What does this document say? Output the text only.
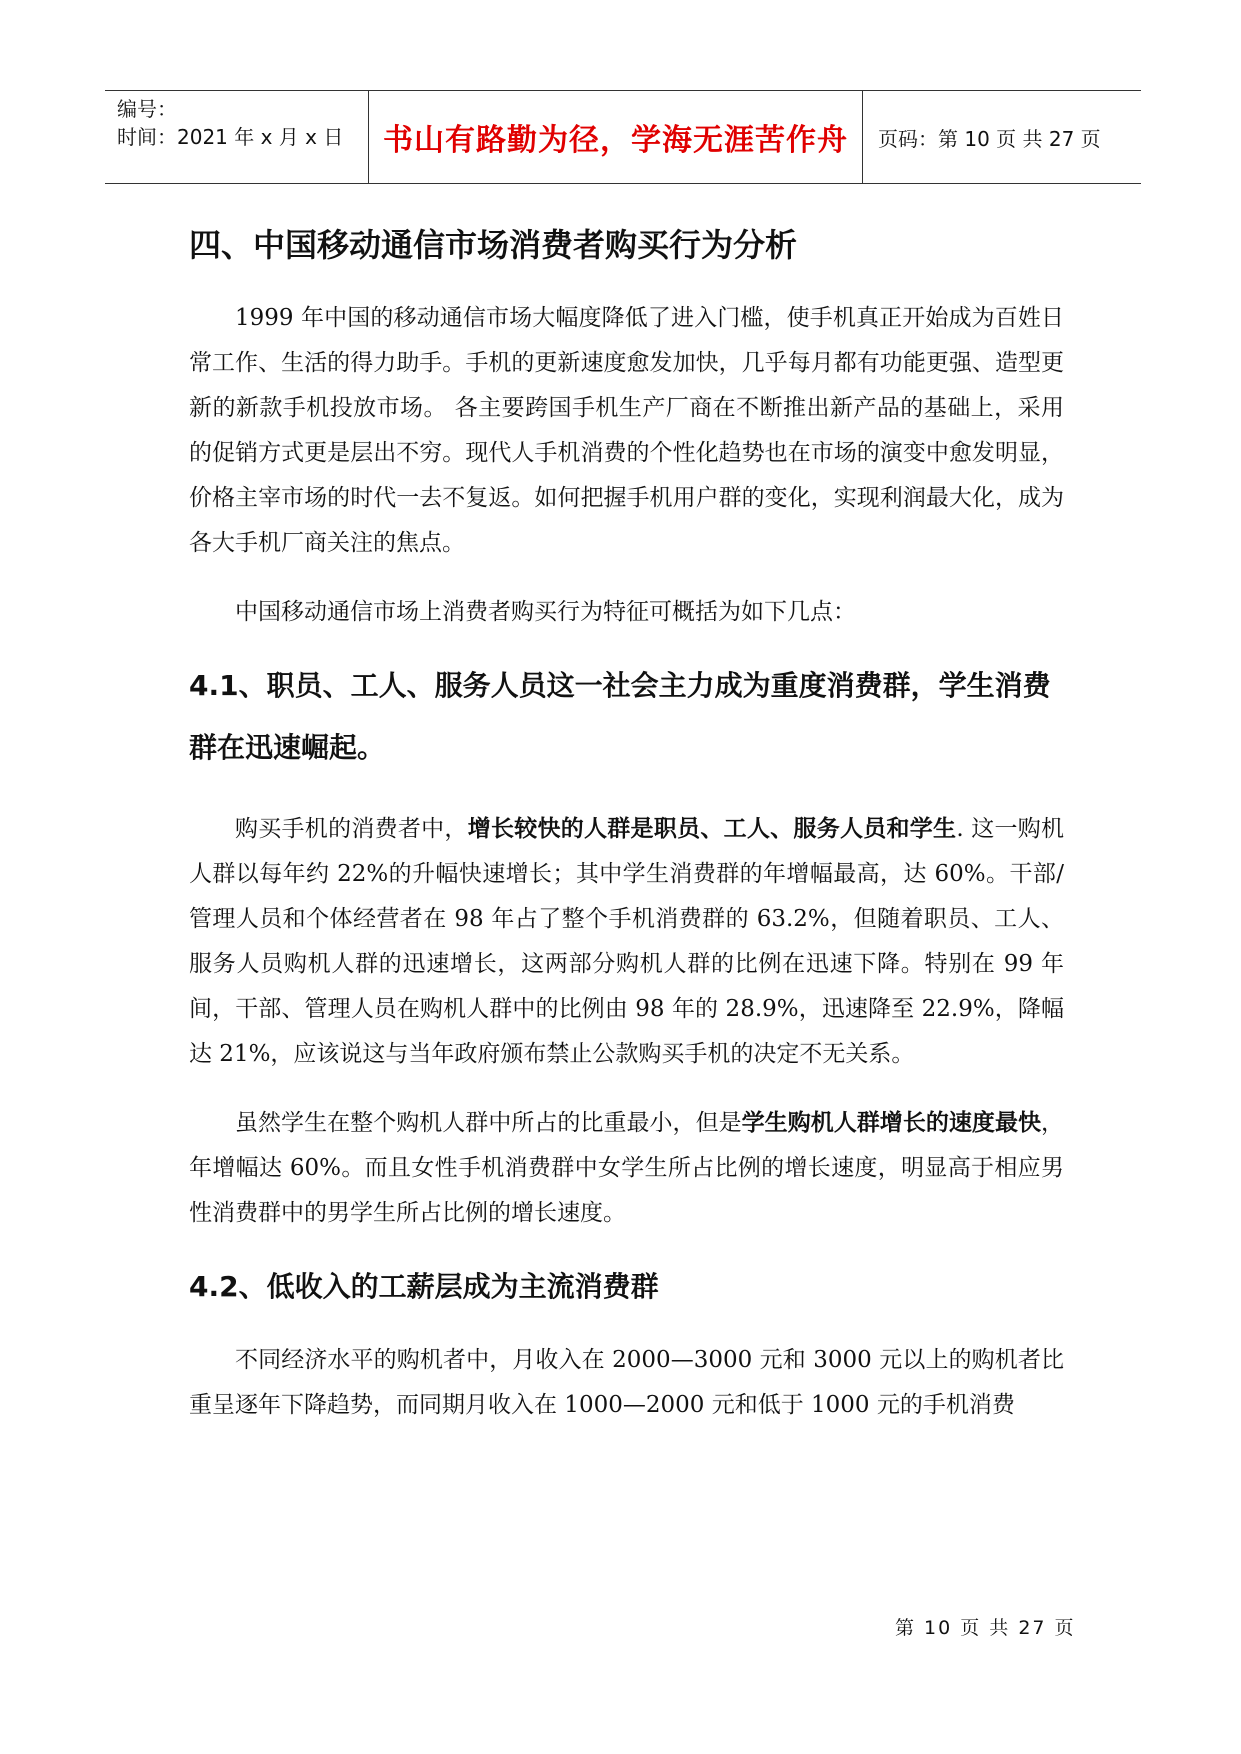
编号：
时间：2021 年 x 月 x 日	书山有路勤为径，学海无涯苦作舟	页码：第 10 页 共 27 页
四、中国移动通信市场消费者购买行为分析

1999 年中国的移动通信市场大幅度降低了进入门槛，使手机真正开始成为百姓日常工作、生活的得力助手。手机的更新速度愈发加快，几乎每月都有功能更强、造型更新的新款手机投放市场。 各主要跨国手机生产厂商在不断推出新产品的基础上，采用的促销方式更是层出不穷。现代人手机消费的个性化趋势也在市场的演变中愈发明显，价格主宰市场的时代一去不复返。如何把握手机用户群的变化，实现利润最大化，成为各大手机厂商关注的焦点。

中国移动通信市场上消费者购买行为特征可概括为如下几点：

4.1、职员、工人、服务人员这一社会主力成为重度消费群，学生消费群在迅速崛起。

购买手机的消费者中，增长较快的人群是职员、工人、服务人员和学生. 这一购机人群以每年约 22%的升幅快速增长；其中学生消费群的年增幅最高，达 60%。干部/管理人员和个体经营者在 98 年占了整个手机消费群的 63.2%，但随着职员、工人、服务人员购机人群的迅速增长，这两部分购机人群的比例在迅速下降。特别在 99 年间，干部、管理人员在购机人群中的比例由 98 年的 28.9%，迅速降至 22.9%，降幅达 21%，应该说这与当年政府颁布禁止公款购买手机的决定不无关系。

虽然学生在整个购机人群中所占的比重最小，但是学生购机人群增长的速度最快，年增幅达 60%。而且女性手机消费群中女学生所占比例的增长速度，明显高于相应男性消费群中的男学生所占比例的增长速度。

4.2、低收入的工薪层成为主流消费群

不同经济水平的购机者中，月收入在 2000—3000 元和 3000 元以上的购机者比重呈逐年下降趋势，而同期月收入在 1000—2000 元和低于 1000 元的手机消费

第 10 页 共 27 页
